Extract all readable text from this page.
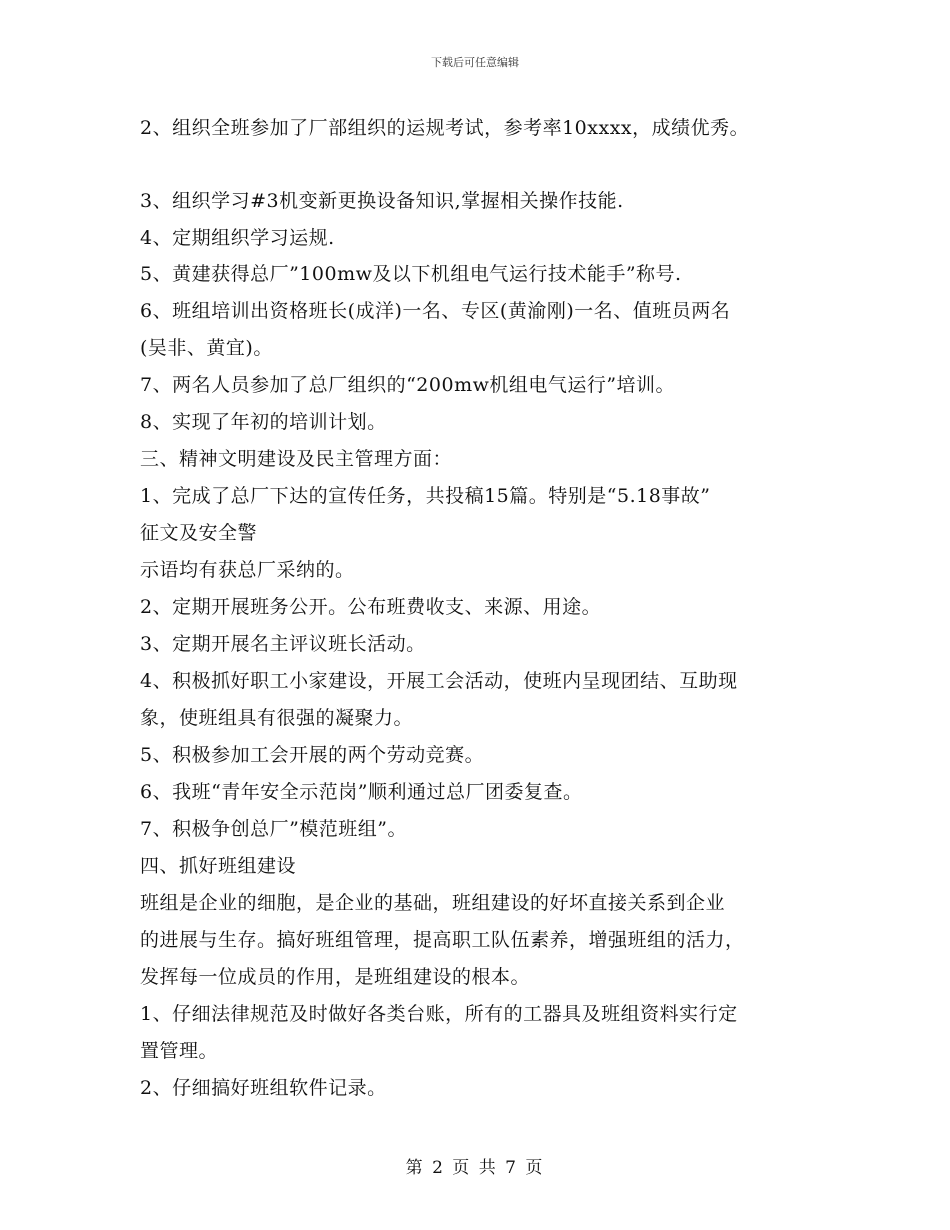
下载后可任意编辑
2、组织全班参加了厂部组织的运规考试，参考率10xxxx，成绩优秀。
3、组织学习#3机变新更换设备知识,掌握相关操作技能.
4、定期组织学习运规.
5、黄建获得总厂”100mw及以下机组电气运行技术能手”称号.
6、班组培训出资格班长(成洋)一名、专区(黄渝刚)一名、值班员两名
(吴非、黄宜)。
7、两名人员参加了总厂组织的“200mw机组电气运行”培训。
8、实现了年初的培训计划。
三、精神文明建设及民主管理方面：
1、完成了总厂下达的宣传任务，共投稿15篇。特别是“5.18事故”
征文及安全警
示语均有获总厂采纳的。
2、定期开展班务公开。公布班费收支、来源、用途。
3、定期开展名主评议班长活动。
4、积极抓好职工小家建设，开展工会活动，使班内呈现团结、互助现
象，使班组具有很强的凝聚力。
5、积极参加工会开展的两个劳动竞赛。
6、我班“青年安全示范岗”顺利通过总厂团委复查。
7、积极争创总厂”模范班组”。
四、抓好班组建设
班组是企业的细胞，是企业的基础，班组建设的好坏直接关系到企业
的进展与生存。搞好班组管理，提高职工队伍素养，增强班组的活力，
发挥每一位成员的作用，是班组建设的根本。
1、仔细法律规范及时做好各类台账，所有的工器具及班组资料实行定
置管理。
2、仔细搞好班组软件记录。
第 2 页 共 7 页
